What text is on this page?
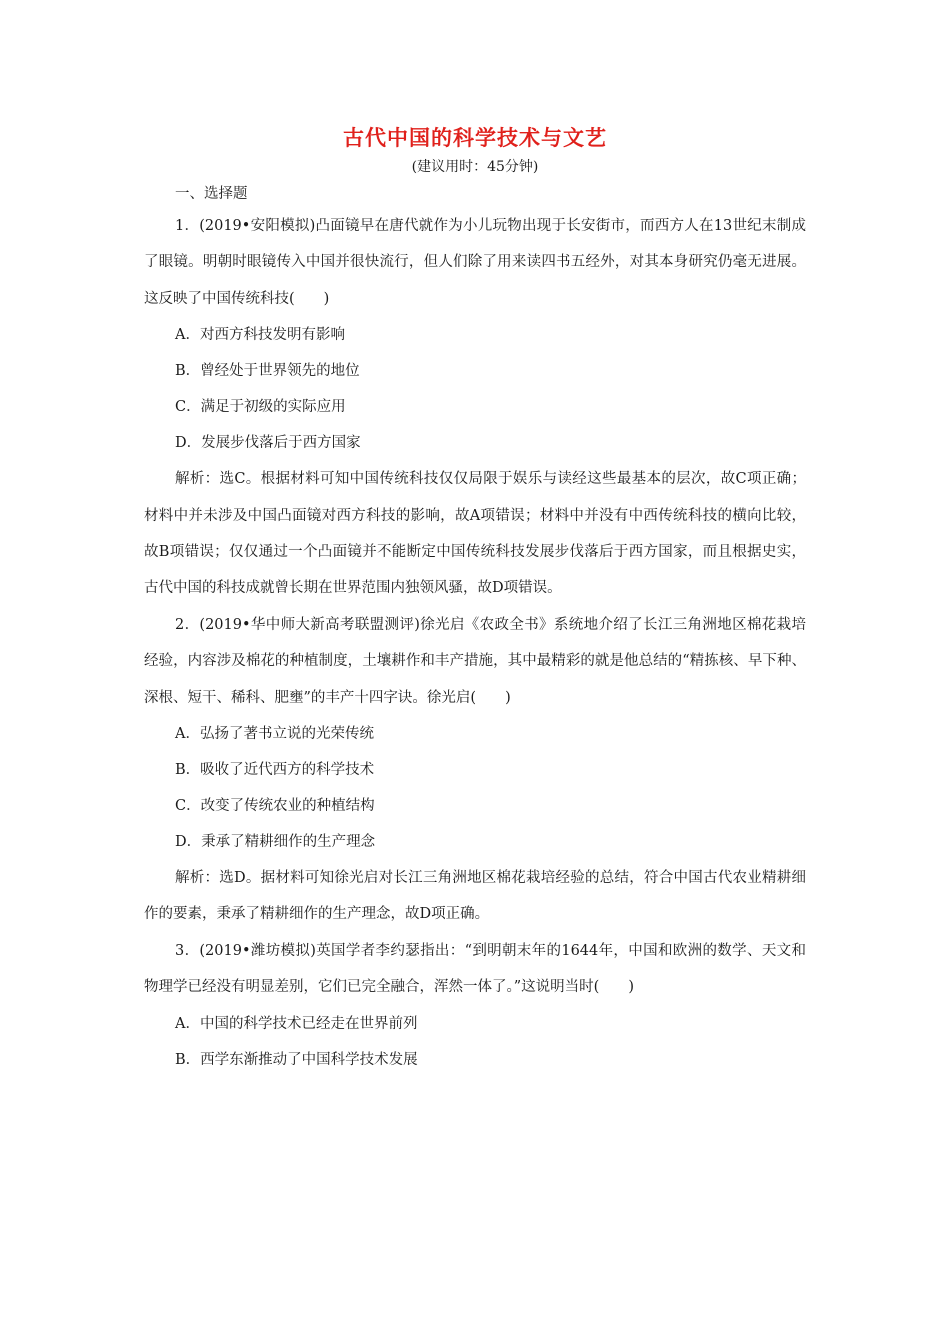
古代中国的科学技术与文艺

(建议用时：45分钟)

一、选择题

1．(2019•安阳模拟)凸面镜早在唐代就作为小儿玩物出现于长安街市，而西方人在13世纪末制成了眼镜。明朝时眼镜传入中国并很快流行，但人们除了用来读四书五经外，对其本身研究仍毫无进展。这反映了中国传统科技(　　)

A．对西方科技发明有影响

B．曾经处于世界领先的地位

C．满足于初级的实际应用

D．发展步伐落后于西方国家

解析：选C。根据材料可知中国传统科技仅仅局限于娱乐与读经这些最基本的层次，故C项正确；材料中并未涉及中国凸面镜对西方科技的影响，故A项错误；材料中并没有中西传统科技的横向比较，故B项错误；仅仅通过一个凸面镜并不能断定中国传统科技发展步伐落后于西方国家，而且根据史实，古代中国的科技成就曾长期在世界范围内独领风骚，故D项错误。

2．(2019•华中师大新高考联盟测评)徐光启《农政全书》系统地介绍了长江三角洲地区棉花栽培经验，内容涉及棉花的种植制度，土壤耕作和丰产措施，其中最精彩的就是他总结的“精拣核、早下种、深根、短干、稀科、肥壅”的丰产十四字诀。徐光启(　　)

A．弘扬了著书立说的光荣传统

B．吸收了近代西方的科学技术

C．改变了传统农业的种植结构

D．秉承了精耕细作的生产理念

解析：选D。据材料可知徐光启对长江三角洲地区棉花栽培经验的总结，符合中国古代农业精耕细作的要素，秉承了精耕细作的生产理念，故D项正确。

3．(2019•潍坊模拟)英国学者李约瑟指出：“到明朝末年的1644年，中国和欧洲的数学、天文和物理学已经没有明显差别，它们已完全融合，浑然一体了。”这说明当时(　　)

A．中国的科学技术已经走在世界前列

B．西学东渐推动了中国科学技术发展
